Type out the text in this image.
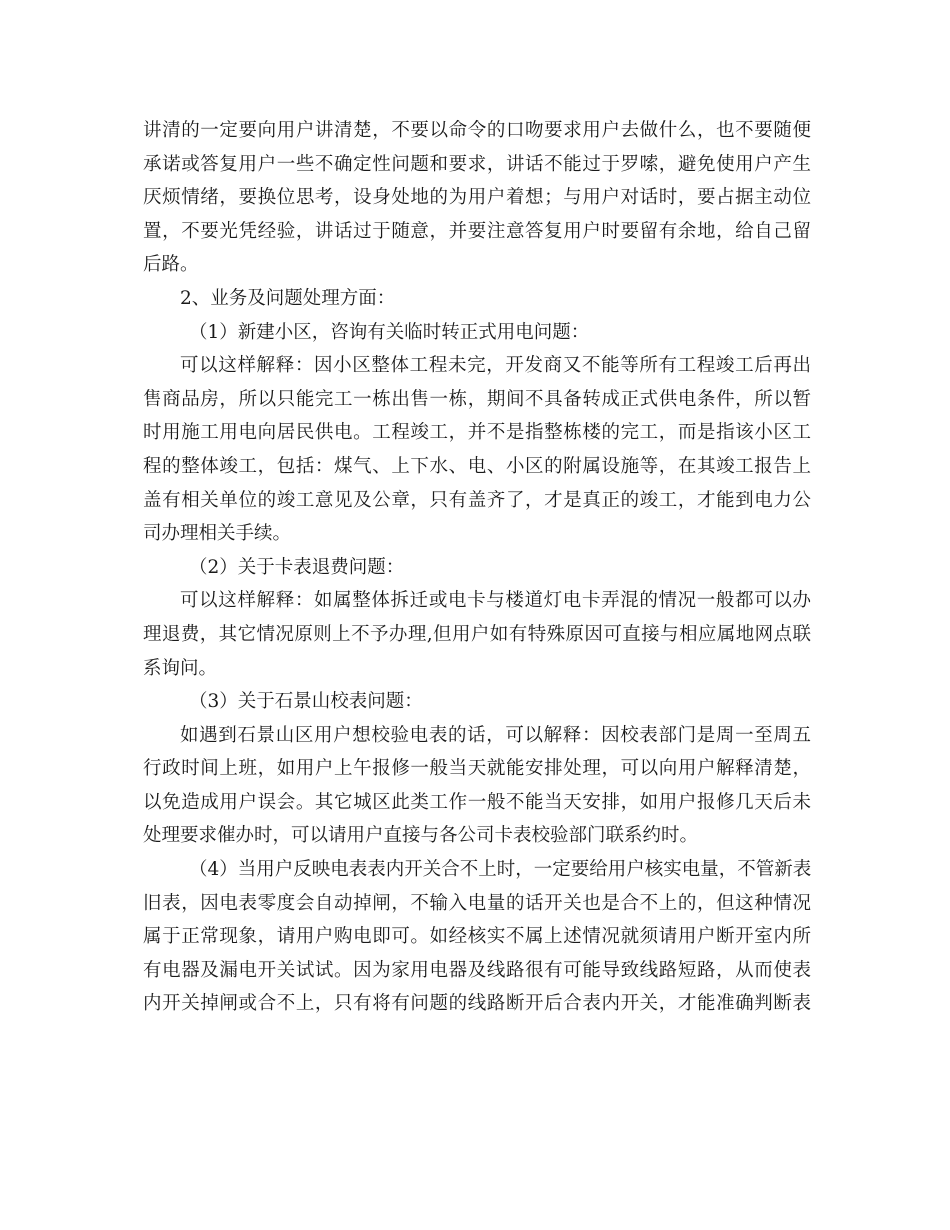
讲清的一定要向用户讲清楚，不要以命令的口吻要求用户去做什么，也不要随便
承诺或答复用户一些不确定性问题和要求，讲话不能过于罗嗦，避免使用户产生
厌烦情绪，要换位思考，设身处地的为用户着想；与用户对话时，要占据主动位
置，不要光凭经验，讲话过于随意，并要注意答复用户时要留有余地，给自己留
后路。
2、业务及问题处理方面：
（1）新建小区，咨询有关临时转正式用电问题：
可以这样解释：因小区整体工程未完，开发商又不能等所有工程竣工后再出
售商品房，所以只能完工一栋出售一栋，期间不具备转成正式供电条件，所以暂
时用施工用电向居民供电。工程竣工，并不是指整栋楼的完工，而是指该小区工
程的整体竣工，包括：煤气、上下水、电、小区的附属设施等，在其竣工报告上
盖有相关单位的竣工意见及公章，只有盖齐了，才是真正的竣工，才能到电力公
司办理相关手续。
（2）关于卡表退费问题：
可以这样解释：如属整体拆迁或电卡与楼道灯电卡弄混的情况一般都可以办
理退费，其它情况原则上不予办理,但用户如有特殊原因可直接与相应属地网点联
系询问。
（3）关于石景山校表问题：
如遇到石景山区用户想校验电表的话，可以解释：因校表部门是周一至周五
行政时间上班，如用户上午报修一般当天就能安排处理，可以向用户解释清楚，
以免造成用户误会。其它城区此类工作一般不能当天安排，如用户报修几天后未
处理要求催办时，可以请用户直接与各公司卡表校验部门联系约时。
（4）当用户反映电表表内开关合不上时，一定要给用户核实电量，不管新表
旧表，因电表零度会自动掉闸，不输入电量的话开关也是合不上的，但这种情况
属于正常现象，请用户购电即可。如经核实不属上述情况就须请用户断开室内所
有电器及漏电开关试试。因为家用电器及线路很有可能导致线路短路，从而使表
内开关掉闸或合不上，只有将有问题的线路断开后合表内开关，才能准确判断表
